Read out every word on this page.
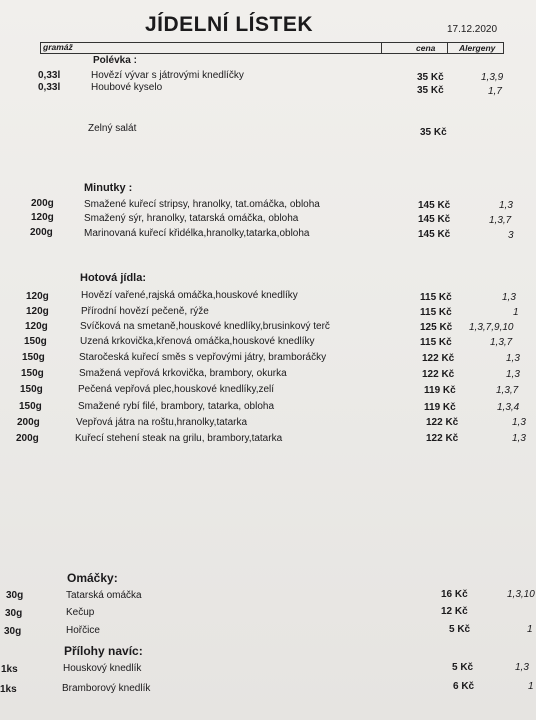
JÍDELNÍ LÍSTEK	17.12.2020
gramáž	cena	Alergeny
Polévka :
0,33l	Hovězí vývar s játrovými knedlíčky	35 Kč	1,3,9
0,33l	Houbové kyselo	35 Kč	1,7
Zelný salát	35 Kč
Minutky :
200g	Smažené kuřecí stripsy, hranolky, tat.omáčka, obloha	145 Kč	1,3
120g	Smažený sýr, hranolky, tatarská omáčka, obloha	145 Kč	1,3,7
200g	Marinovaná kuřecí křidélka,hranolky,tatarka,obloha	145 Kč	3
Hotová jídla:
120g	Hovězí vařené,rajská omáčka,houskové knedlíky	115 Kč	1,3
120g	Přírodní hovězí pečeně, rýže	115 Kč	1
120g	Svíčková na smetaně,houskové knedlíky,brusinkový terč	125 Kč 1,3,7,9,10
150g	Uzená krkovička,křenová omáčka,houskové knedlíky	115 Kč	1,3,7
150g	Staročeská kuřecí směs s vepřovými játry, bramboráčky	122 Kč	1,3
150g	Smažená vepřová krkovička, brambory, okurka	122 Kč	1,3
150g	Pečená vepřová plec,houskové knedlíky,zelí	119 Kč	1,3,7
150g	Smažené rybí filé, brambory, tatarka, obloha	119 Kč	1,3,4
200g	Vepřová játra na roštu,hranolky,tatarka	122 Kč	1,3
200g	Kuřecí stehení steak na grilu, brambory,tatarka	122 Kč	1,3
Omáčky:
30g	Tatarská omáčka	16 Kč	1,3,10
30g	Kečup	12 Kč
30g	Hořčice	5 Kč	1
Přílohy navíc:
1ks	Houskový knedlík	5 Kč	1,3
1ks	Bramborový knedlík	6 Kč	1
